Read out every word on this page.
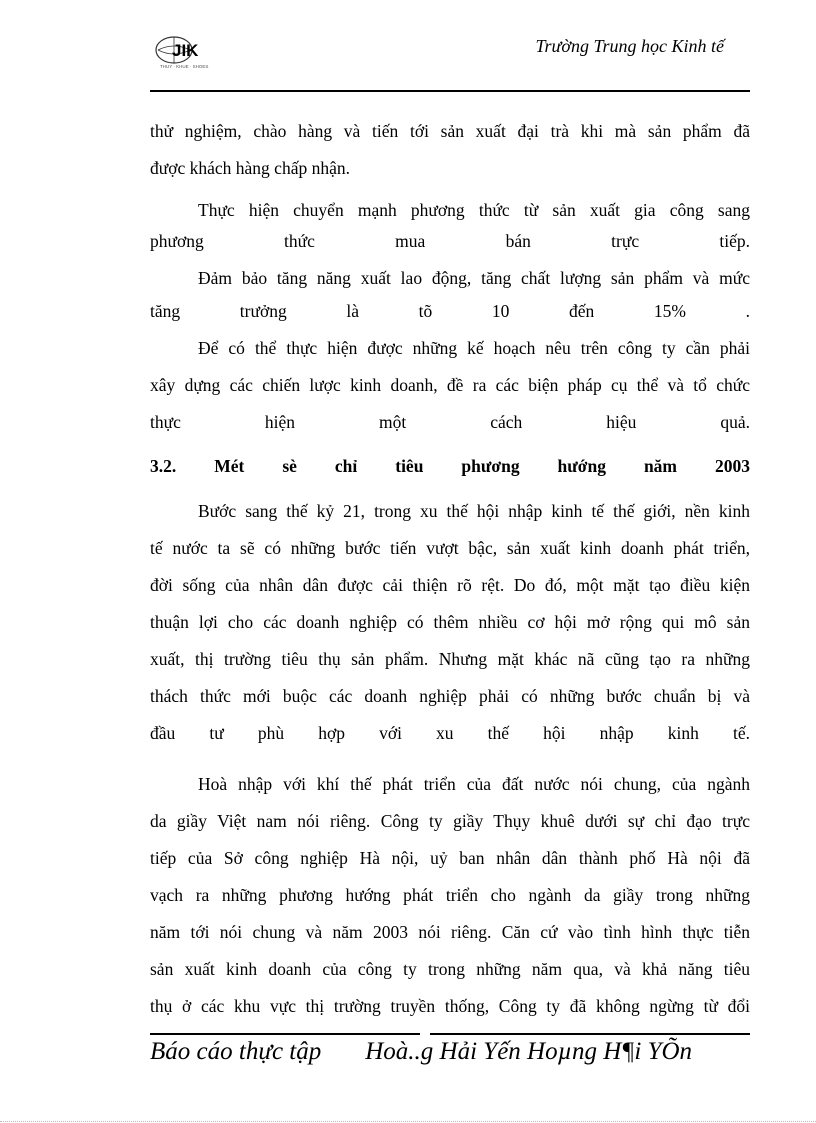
JIK
THUY · KHUE · SHOES
Trường Trung học Kinh tế

thử nghiệm, chào hàng và tiến tới sản xuất đại trà khi mà sản phẩm đã
được khách hàng chấp nhận.

Thực hiện chuyển mạnh phương thức từ sản xuất gia công sang
phương thức mua bán trực tiếp.

Đảm bảo tăng năng xuất lao động, tăng chất lượng sản phẩm và mức
tăng trưởng là tõ 10 đến 15% .

Để có thể thực hiện được những kế hoạch nêu trên công ty cần phải
xây dựng các chiến lược kinh doanh, đề ra các biện pháp cụ thể và tổ chức
thực hiện một cách hiệu quả.

3.2. Mét sè chỉ tiêu phương hướng năm 2003

Bước sang thế kỷ 21, trong xu thế hội nhập kinh tế thế giới, nền kinh
tế nước ta sẽ có những bước tiến vượt bậc, sản xuất kinh doanh phát triển,
đời sống của nhân dân được cải thiện rõ rệt. Do đó, một mặt tạo điều kiện
thuận lợi cho các doanh nghiệp có thêm nhiều cơ hội mở rộng qui mô sản
xuất, thị trường tiêu thụ sản phẩm. Nhưng mặt khác nã cũng tạo ra những
thách thức mới buộc các doanh nghiệp phải có những bước chuẩn bị và
đầu tư phù hợp với xu thế hội nhập kinh tế.

Hoà nhập với khí thế phát triển của đất nước nói chung, của ngành
da giầy Việt nam nói riêng. Công ty giầy Thụy khuê dưới sự chỉ đạo trực
tiếp của Sở công nghiệp Hà nội, uỷ ban nhân dân thành phố Hà nội đã
vạch ra những phương hướng phát triển cho ngành da giầy trong những
năm tới nói chung và năm 2003 nói riêng. Căn cứ vào tình hình thực tiễn
sản xuất kinh doanh của công ty trong những năm qua, và khả năng tiêu
thụ ở các khu vực thị trường truyền thống, Công ty đã không ngừng từ đổi

Báo cáo thực tập Hoà..g Hải Yến Hoµng H¶i YÕn
